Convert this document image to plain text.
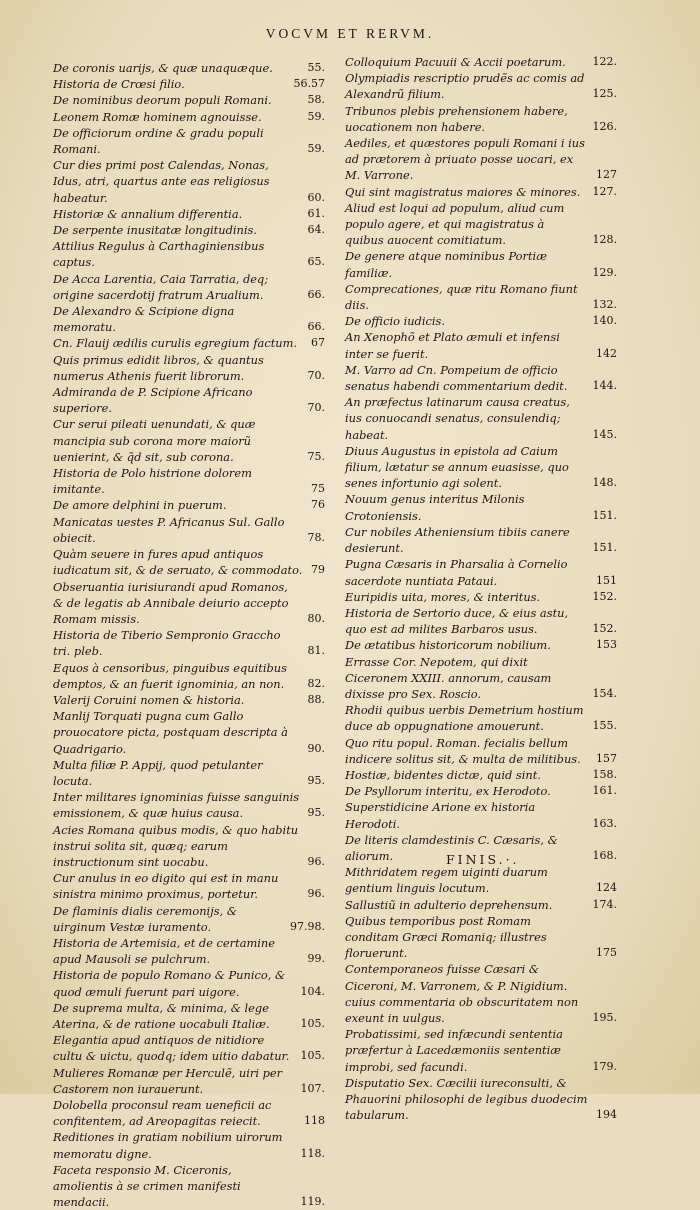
VOCVM ET RERVM.
De coronis uarijs, & quæ unaquæque.	55.
Historia de Crœsi filio.	56.57
De nominibus deorum populi Romani.	58.
Leonem Romæ hominem agnouisse.	59.
De officiorum ordine & gradu populi Romani.	59.
Cur dies primi post Calendas, Nonas, Idus, atri, quartus ante eas religiosus habeatur.	60.
Historiæ & annalium differentia.	61.
De serpente inusitatæ longitudinis.	64.
Attilius Regulus à Carthaginiensibus captus.	65.
De Acca Larentia, Caia Tarratia, deq; origine sacerdotij fratrum Arualium.	66.
De Alexandro & Scipione digna memoratu.	66.
Cn. Flauij ædilis curulis egregium factum.	67
Quis primus edidit libros, & quantus numerus Athenis fuerit librorum.	70.
Admiranda de P. Scipione Africano superiore.	70.
Cur serui pileati uenundati, & quæ mancipia sub corona more maiorũ uenierint, & q̃d sit, sub corona.	75.
Historia de Polo histrione dolorem imitante.	75
De amore delphini in puerum.	76
Manicatas uestes P. Africanus Sul. Gallo obiecit.	78.
Quàm seuere in fures apud antiquos iudicatum sit, & de seruato, & commodato. 79
Obseruantia iurisiurandi apud Romanos, & de legatis ab Annibale deiurio accepto Romam missis.	80.
Historia de Tiberio Sempronio Graccho tri. pleb.	81.
Equos à censoribus, pinguibus equitibus demptos, & an fuerit ignominia, an non.	82.
Valerij Coruini nomen & historia.	88.
Manlij Torquati pugna cum Gallo prouocatore picta, postquam descripta à Quadrigario.	90.
Multa filiæ P. Appij, quod petulanter locuta.	95.
Inter militares ignominias fuisse sanguinis emissionem, & quæ huius causa.	95.
Acies Romana quibus modis, & quo habitu instrui solita sit, quæq; earum instructionum sint uocabu.	96.
Cur anulus in eo digito qui est in manu sinistra minimo proximus, portetur.	96.
De flaminis dialis ceremonijs, & uirginum Vestæ iuramento.	97.98.
Historia de Artemisia, et de certamine apud Mausoli se pulchrum.	99.
Historia de populo Romano & Punico, & quod æmuli fuerunt pari uigore.	104.
De suprema multa, & minima, & lege Aterina, & de ratione uocabuli Italiæ.	105.
Elegantia apud antiquos de nitidiore cultu & uictu, quodq; idem uitio dabatur. 105.
Mulieres Romanæ per Herculẽ, uiri per Castorem non iurauerunt.	107.
Dolobella proconsul ream ueneficii ac confitentem, ad Areopagitas reiecit.	118
Reditiones in gratiam nobilium uirorum memoratu digne.	118.
Faceta responsio M. Ciceronis, amolientis à se crimen manifesti mendacii.	119.
Colloquium Pacuuii & Accii poetarum.	122.
Olympiadis rescriptio prudẽs ac comis ad Alexandrũ filium.	125.
Tribunos plebis prehensionem habere, uocationem non habere.	126.
Aediles, et quæstores populi Romani i ius ad prætorem à priuato posse uocari, ex M. Varrone.	127
Qui sint magistratus maiores & minores.	127.
Aliud est loqui ad populum, aliud cum populo agere, et qui magistratus à quibus auocent comitiatum.	128.
De genere atque nominibus Portiæ familiæ.	129.
Comprecationes, quæ ritu Romano fiunt diis.	132.
De officio iudicis.	140.
An Xenophõ et Plato æmuli et infensi inter se fuerit.	142
M. Varro ad Cn. Pompeium de officio senatus habendi commentarium dedit.	144.
An præfectus latinarum causa creatus, ius conuocandi senatus, consulendiq; habeat.	145.
Diuus Augustus in epistola ad Caium filium, lætatur se annum euasisse, quo senes infortunio agi solent.	148.
Nouum genus interitus Milonis Crotoniensis.	151.
Cur nobiles Atheniensium tibiis canere desierunt.	151.
Pugna Cæsaris in Pharsalia à Cornelio sacerdote nuntiata Pataui.	151
Euripidis uita, mores, & interitus.	152.
Historia de Sertorio duce, & eius astu, quo est ad milites Barbaros usus.	152.
De ætatibus historicorum nobilium.	153
Errasse Cor. Nepotem, qui dixit Ciceronem XXIII. annorum, causam dixisse pro Sex. Roscio.	154.
Rhodii quibus uerbis Demetrium hostium duce ab oppugnatione amouerunt.	155.
Quo ritu popul. Roman. fecialis bellum indicere solitus sit, & multa de militibus.	157
Hostiæ, bidentes dictæ, quid sint.	158.
De Psyllorum interitu, ex Herodoto.	161.
Superstidicine Arione ex historia Herodoti.	163.
De literis clamdestinis C. Cæsaris, & aliorum.	168.
Mithridatem regem uiginti duarum gentium linguis locutum.	124
Sallustiũ in adulterio deprehensum.	174.
Quibus temporibus post Romam conditam Græci Romaniq; illustres floruerunt.	175
Contemporaneos fuisse Cæsari & Ciceroni, M. Varronem, & P. Nigidium. cuius commentaria ob obscuritatem non exeunt in uulgus.	195.
Probatissimi, sed infæcundi sententia præfertur à Lacedæmoniis sententiæ improbi, sed facundi.	179.
Disputatio Sex. Cæcilii iureconsulti, & Phauorini philosophi de legibus duodecim tabularum.	194
FINIS.·.
